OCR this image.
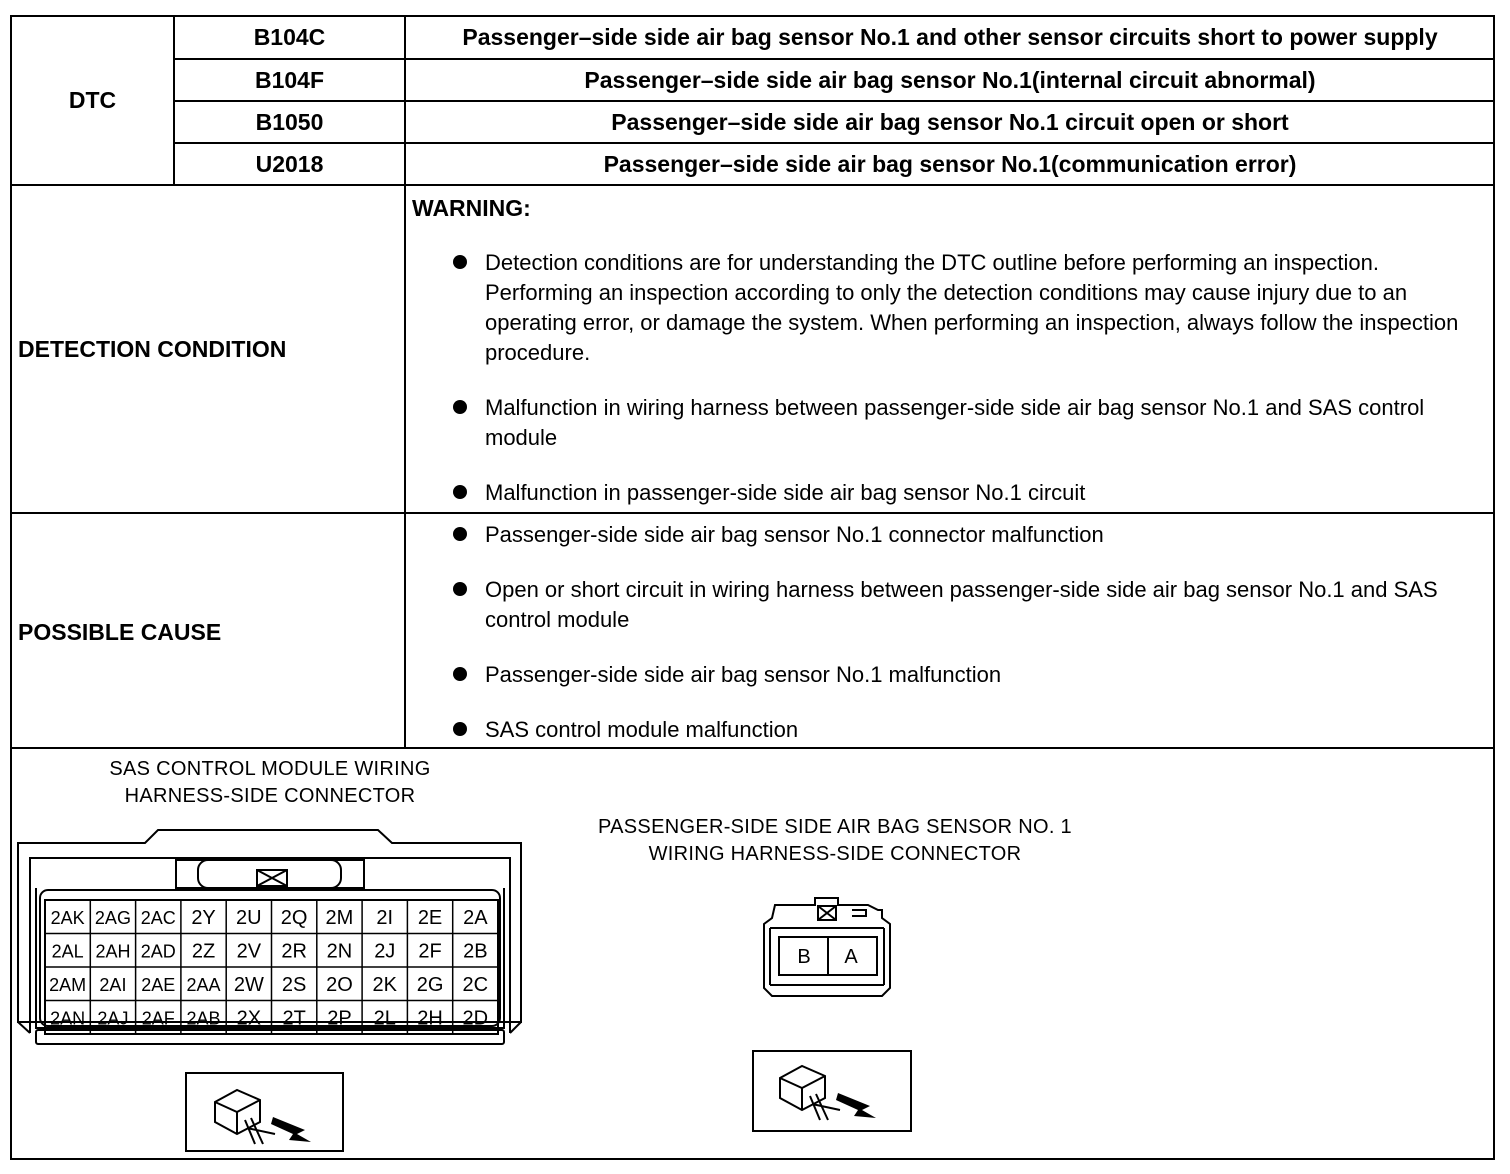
DTC
B104C	Passenger–side side air bag sensor No.1 and other sensor circuits short to power supply
B104F	Passenger–side side air bag sensor No.1(internal circuit abnormal)
B1050	Passenger–side side air bag sensor No.1 circuit open or short
U2018	Passenger–side side air bag sensor No.1(communication error)
DETECTION CONDITION
WARNING:
Detection conditions are for understanding the DTC outline before performing an inspection. Performing an inspection according to only the detection conditions may cause injury due to an operating error, or damage the system. When performing an inspection, always follow the inspection procedure.
Malfunction in wiring harness between passenger-side side air bag sensor No.1 and SAS control module
Malfunction in passenger-side side air bag sensor No.1 circuit
POSSIBLE CAUSE
Passenger-side side air bag sensor No.1 connector malfunction
Open or short circuit in wiring harness between passenger-side side air bag sensor No.1 and SAS control module
Passenger-side side air bag sensor No.1 malfunction
SAS control module malfunction
SAS CONTROL MODULE WIRING
HARNESS-SIDE CONNECTOR
2AK 2AG 2AC 2Y 2U 2Q 2M 2I 2E 2A
2AL 2AH 2AD 2Z 2V 2R 2N 2J 2F 2B
2AM 2AI 2AE 2AA 2W 2S 2O 2K 2G 2C
2AN 2AJ 2AF 2AB 2X 2T 2P 2L 2H 2D
PASSENGER-SIDE SIDE AIR BAG SENSOR NO. 1
WIRING HARNESS-SIDE CONNECTOR
B A
